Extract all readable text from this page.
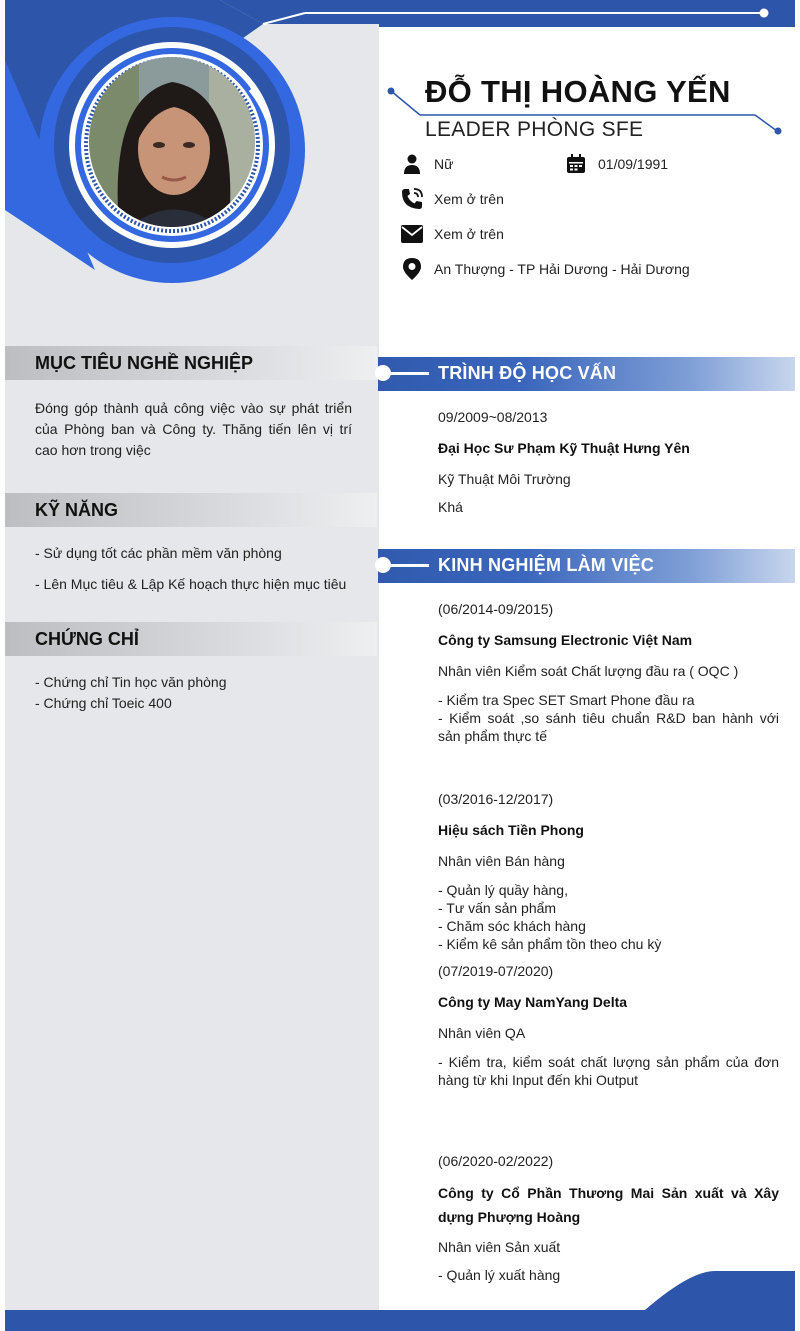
ĐỖ THỊ HOÀNG YẾN
LEADER PHÒNG SFE
Nữ	01/09/1991
Xem ở trên
Xem ở trên
An Thượng - TP Hải Dương - Hải Dương
MỤC TIÊU NGHỀ NGHIỆP
Đóng góp thành quả công việc vào sự phát triển của Phòng ban và Công ty. Thăng tiến lên vị trí cao hơn trong việc
KỸ NĂNG
- Sử dụng tốt các phần mềm văn phòng
- Lên Mục tiêu & Lập Kế hoạch thực hiện mục tiêu
CHỨNG CHỈ
- Chứng chỉ Tin học văn phòng
- Chứng chỉ Toeic 400
TRÌNH ĐỘ HỌC VẤN
09/2009~08/2013
Đại Học Sư Phạm Kỹ Thuật Hưng Yên
Kỹ Thuật Môi Trường
Khá
KINH NGHIỆM LÀM VIỆC
(06/2014-09/2015)
Công ty Samsung Electronic Việt Nam
Nhân viên Kiểm soát Chất lượng đầu ra ( OQC )
- Kiểm tra Spec SET Smart Phone đầu ra
- Kiểm soát ,so sánh tiêu chuẩn R&D ban hành với sản phẩm thực tế
(03/2016-12/2017)
Hiệu sách Tiền Phong
Nhân viên Bán hàng
- Quản lý quầy hàng,
- Tư vấn sản phẩm
- Chăm sóc khách hàng
- Kiểm kê sản phẩm tồn theo chu kỳ
(07/2019-07/2020)
Công ty May NamYang Delta
Nhân viên QA
- Kiểm tra, kiểm soát chất lượng sản phẩm của đơn hàng từ khi Input đến khi Output
(06/2020-02/2022)
Công ty Cổ Phần Thương Mai Sản xuất và Xây dựng Phượng Hoàng
Nhân viên Sản xuất
- Quản lý xuất hàng
